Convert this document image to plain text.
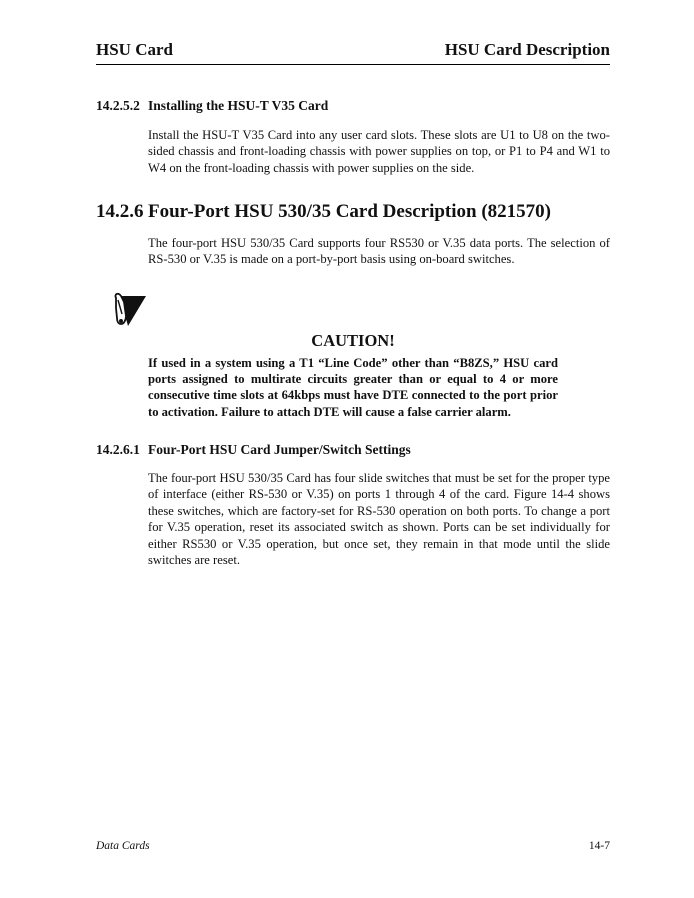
HSU Card	HSU Card Description
14.2.5.2 Installing the HSU-T V35 Card
Install the HSU-T V35 Card into any user card slots. These slots are U1 to U8 on the two-sided chassis and front-loading chassis with power supplies on top, or P1 to P4 and W1 to W4 on the front-loading chassis with power supplies on the side.
14.2.6 Four-Port HSU 530/35 Card Description (821570)
The four-port HSU 530/35 Card supports four RS530 or V.35 data ports. The selection of RS-530 or V.35 is made on a port-by-port basis using on-board switches.
CAUTION!
If used in a system using a T1 “Line Code” other than “B8ZS,” HSU card ports assigned to multirate circuits greater than or equal to 4 or more consecutive time slots at 64kbps must have DTE connected to the port prior to activation. Failure to attach DTE will cause a false carrier alarm.
14.2.6.1 Four-Port HSU Card Jumper/Switch Settings
The four-port HSU 530/35 Card has four slide switches that must be set for the proper type of interface (either RS-530 or V.35) on ports 1 through 4 of the card. Figure 14-4 shows these switches, which are factory-set for RS-530 operation on both ports. To change a port for V.35 operation, reset its associated switch as shown. Ports can be set individually for either RS530 or V.35 operation, but once set, they remain in that mode until the slide switches are reset.
Data Cards	14-7
